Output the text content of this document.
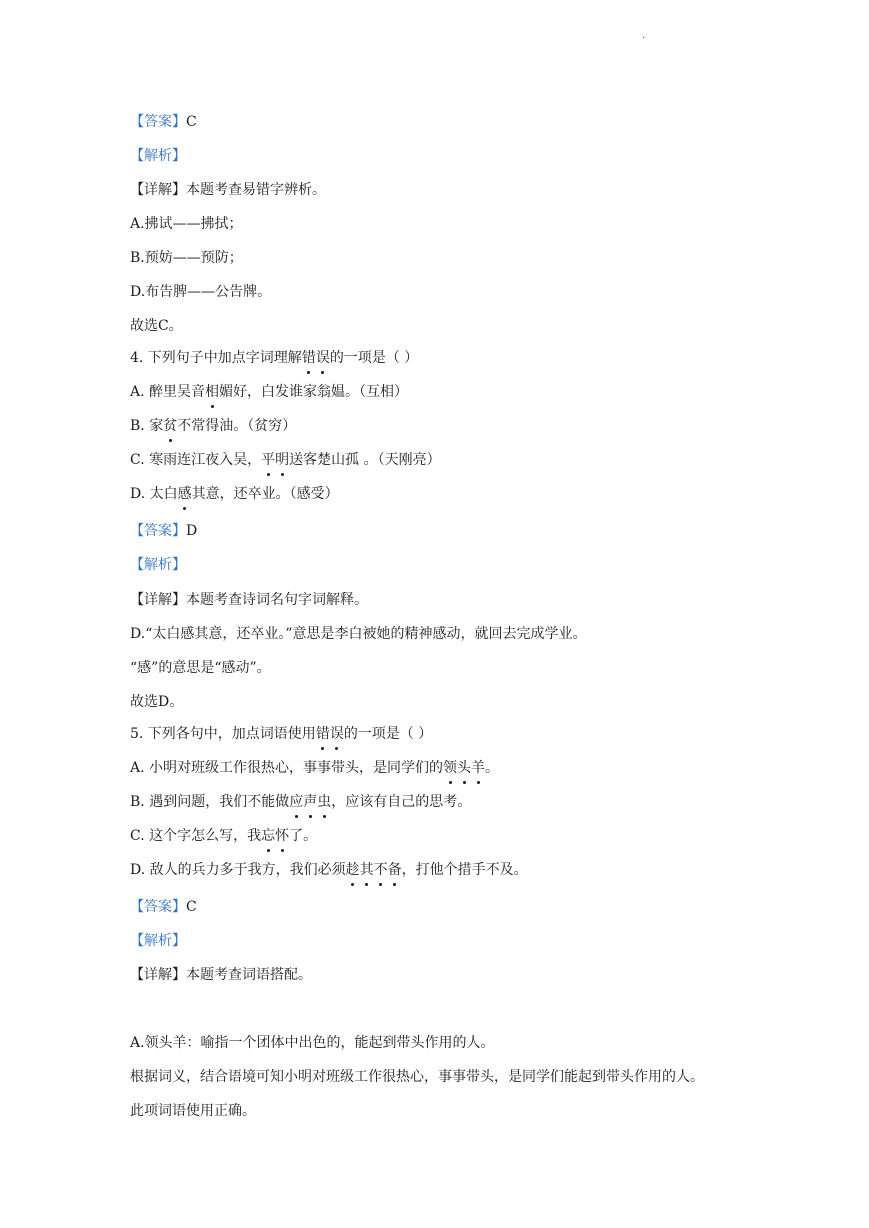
.
【答案】C
【解析】
【详解】本题考查易错字辨析。
A.拂试——拂拭；
B.预妨——预防；
D.布告脾——公告牌。
故选C。
4. 下列句子中加点字词理解错误的一项是（ ）
A. 醉里吴音相媚好，白发谁家翁媪。（互相）
B. 家贫不常得油。（贫穷）
C. 寒雨连江夜入吴，平明送客楚山孤 。（天刚亮）
D. 太白感其意，还卒业。（感受）
【答案】D
【解析】
【详解】本题考查诗词名句字词解释。
D.“太白感其意，还卒业。”意思是李白被她的精神感动，就回去完成学业。
“感”的意思是“感动”。
故选D。
5. 下列各句中，加点词语使用错误的一项是（ ）
A. 小明对班级工作很热心，事事带头，是同学们的领头羊。
B. 遇到问题，我们不能做应声虫，应该有自己的思考。
C. 这个字怎么写，我忘怀了。
D. 敌人的兵力多于我方，我们必须趁其不备，打他个措手不及。
【答案】C
【解析】
【详解】本题考查词语搭配。
A.领头羊：喻指一个团体中出色的，能起到带头作用的人。
根据词义，结合语境可知小明对班级工作很热心，事事带头，是同学们能起到带头作用的人。
此项词语使用正确。
